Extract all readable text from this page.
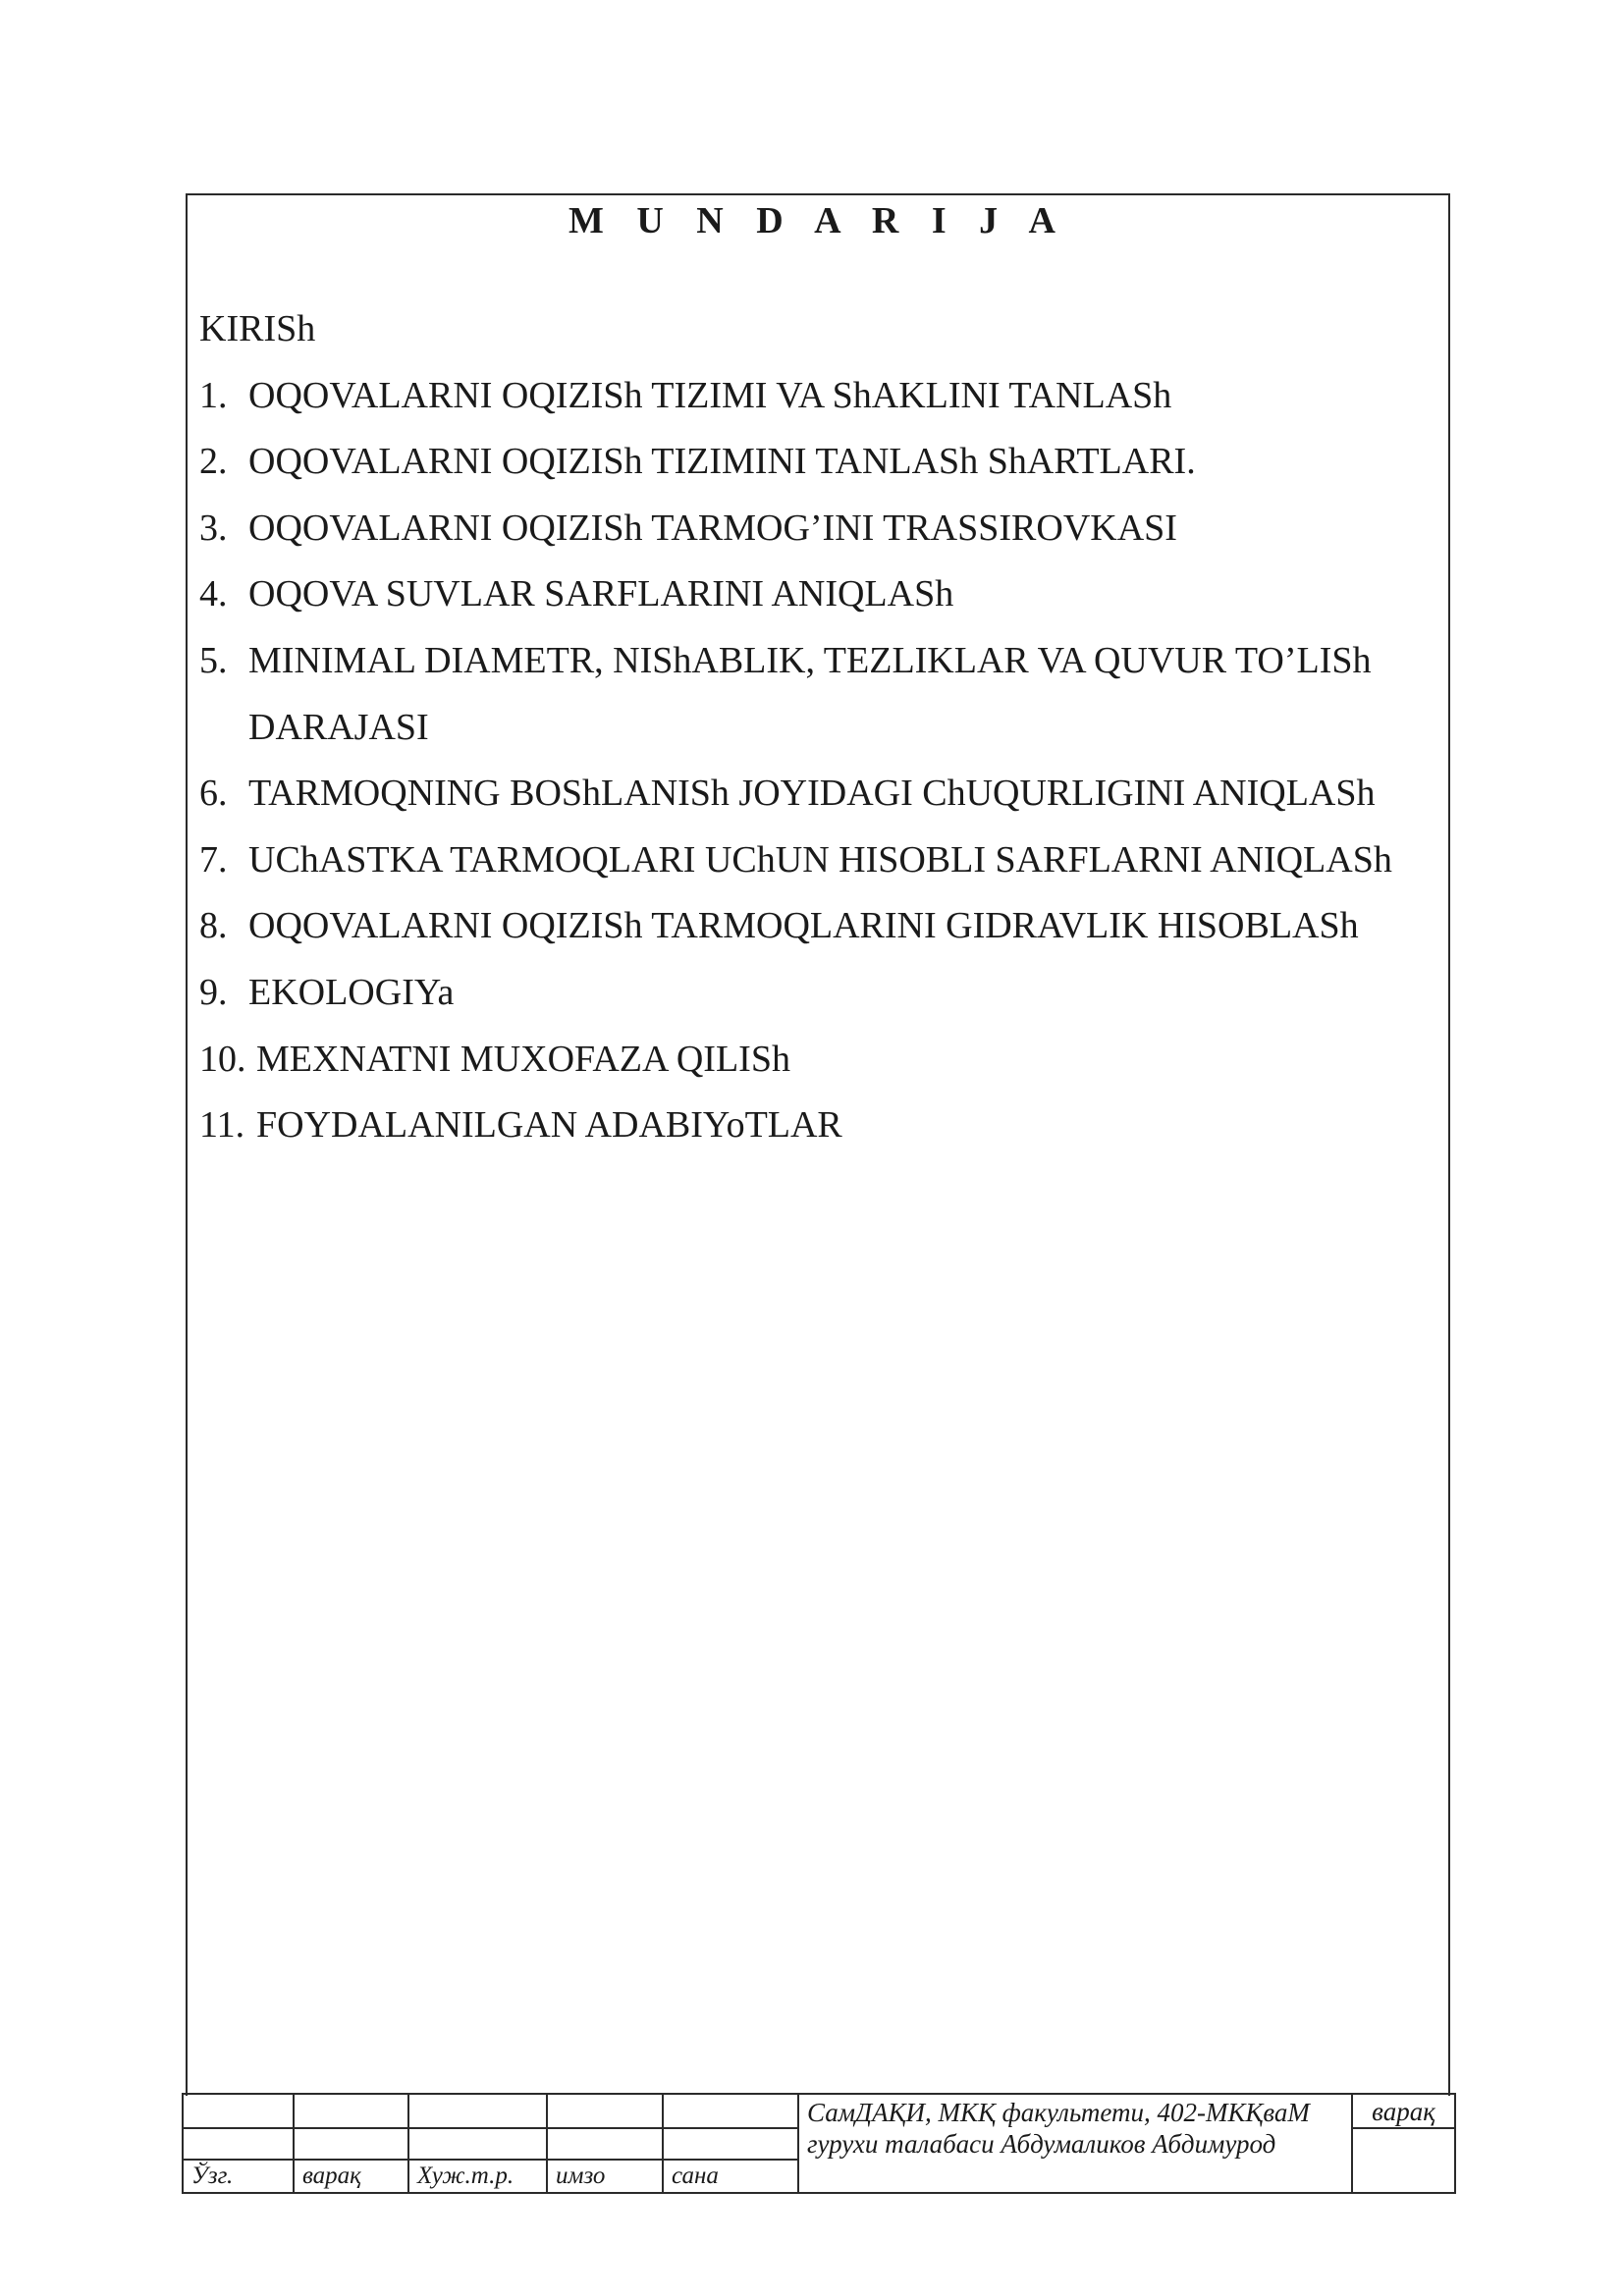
M U N D A R I J A
KIRISh
1. OQOVALARNI OQIZISh TIZIMI VA ShAKLINI TANLASh
2. OQOVALARNI OQIZISh TIZIMINI TANLASh ShARTLARI.
3. OQOVALARNI OQIZISh TARMOG’INI TRASSIROVKASI
4. OQOVA SUVLAR SARFLARINI ANIQLASh
5. MINIMAL DIAMETR, NIShABLIK, TEZLIKLAR VA QUVUR TO’LISh
DARAJASI
6. TARMOQNING BOShLANISh JOYIDAGI ChUQURLIGINI ANIQLASh
7. UChASTKA TARMOQLARI UChUN HISOBLI SARFLARNI ANIQLASh
8. OQOVALARNI OQIZISh TARMOQLARINI GIDRAVLIK HISOBLASh
9. EKOLOGIYa
10. MEXNATNI MUXOFAZA QILISh
11. FOYDALANILGAN ADABIYoTLAR
					СамДАҚИ, МКҚ факультети, 402-МКҚваМ гурухи талабаси Абдумаликов Абдимурод	варақ

Ўзг.	варақ	Хуж.т.р.	имзо	сана		
